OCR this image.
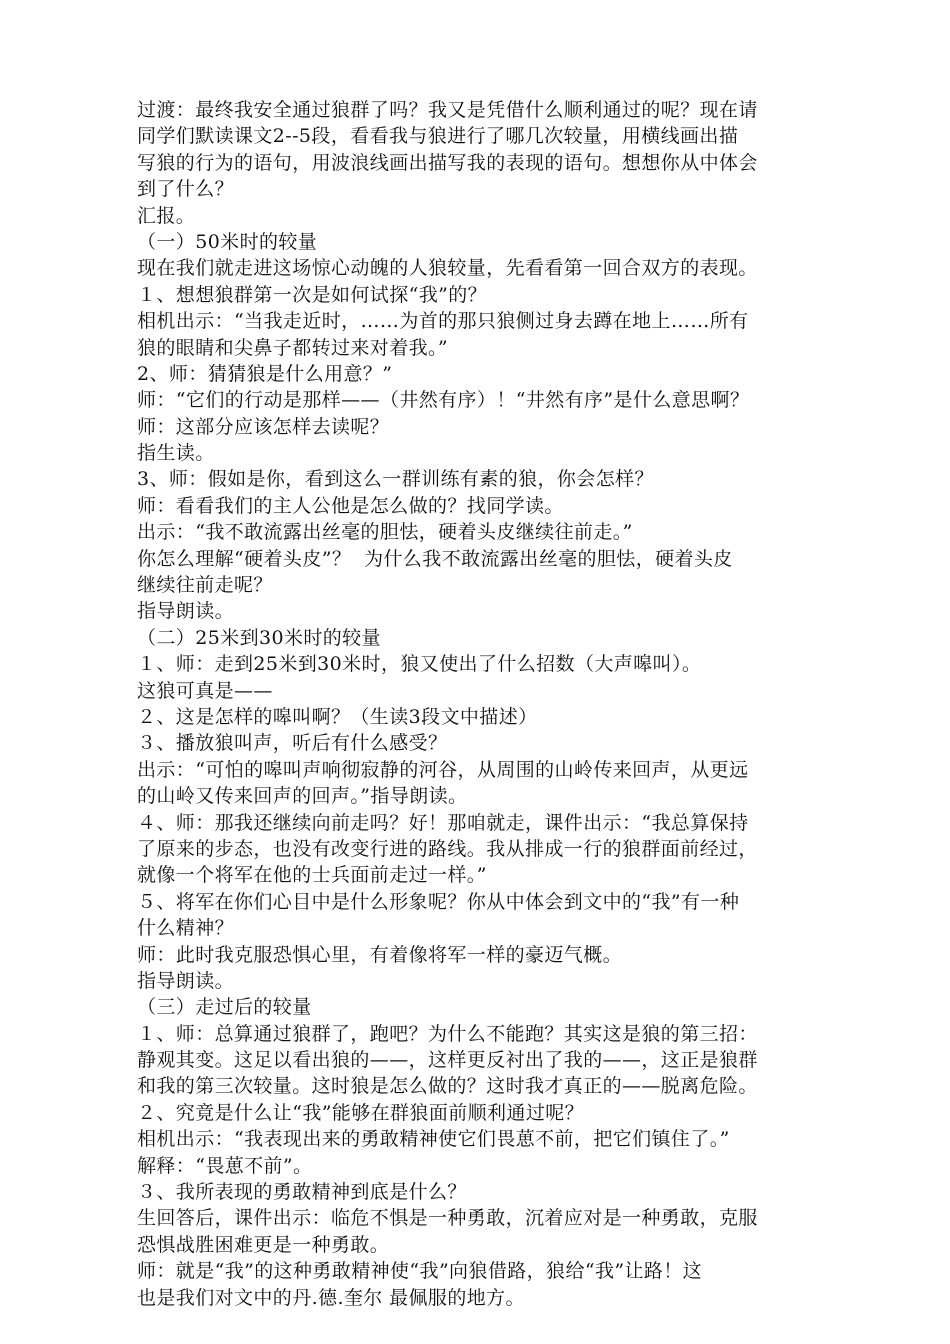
过渡：最终我安全通过狼群了吗？我又是凭借什么顺利通过的呢？现在请
同学们默读课文2--5段，看看我与狼进行了哪几次较量，用横线画出描
写狼的行为的语句，用波浪线画出描写我的表现的语句。想想你从中体会
到了什么？
汇报。
（一）50米时的较量
现在我们就走进这场惊心动魄的人狼较量，先看看第一回合双方的表现。
１、想想狼群第一次是如何试探“我”的？
相机出示：“当我走近时，……为首的那只狼侧过身去蹲在地上……所有
狼的眼睛和尖鼻子都转过来对着我。”
2、师：猜猜狼是什么用意？”
师：“它们的行动是那样——（井然有序）！“井然有序”是什么意思啊？
师：这部分应该怎样去读呢？
指生读。
3、师：假如是你，看到这么一群训练有素的狼，你会怎样？
师：看看我们的主人公他是怎么做的？找同学读。
出示：“我不敢流露出丝毫的胆怯，硬着头皮继续往前走。”
你怎么理解“硬着头皮”？  为什么我不敢流露出丝毫的胆怯，硬着头皮
继续往前走呢？
指导朗读。
（二）25米到30米时的较量
１、师：走到25米到30米时，狼又使出了什么招数（大声嗥叫）。
这狼可真是——
２、这是怎样的嗥叫啊？（生读3段文中描述）
３、播放狼叫声，听后有什么感受？
出示：“可怕的嗥叫声响彻寂静的河谷，从周围的山岭传来回声，从更远
的山岭又传来回声的回声。”指导朗读。
４、师：那我还继续向前走吗？好！那咱就走，课件出示：“我总算保持
了原来的步态，也没有改变行进的路线。我从排成一行的狼群面前经过，
就像一个将军在他的士兵面前走过一样。”
５、将军在你们心目中是什么形象呢？你从中体会到文中的“我”有一种
什么精神？
师：此时我克服恐惧心里，有着像将军一样的豪迈气概。
指导朗读。
（三）走过后的较量
１、师：总算通过狼群了，跑吧？为什么不能跑？其实这是狼的第三招：
静观其变。这足以看出狼的——，这样更反衬出了我的——，这正是狼群
和我的第三次较量。这时狼是怎么做的？这时我才真正的——脱离危险。
２、究竟是什么让“我”能够在群狼面前顺利通过呢？
相机出示：“我表现出来的勇敢精神使它们畏葸不前，把它们镇住了。”
解释：“畏葸不前”。
３、我所表现的勇敢精神到底是什么？
生回答后，课件出示：临危不惧是一种勇敢，沉着应对是一种勇敢，克服
恐惧战胜困难更是一种勇敢。
师：就是“我”的这种勇敢精神使“我”向狼借路，狼给“我”让路！这
也是我们对文中的丹.德.奎尔 最佩服的地方。
